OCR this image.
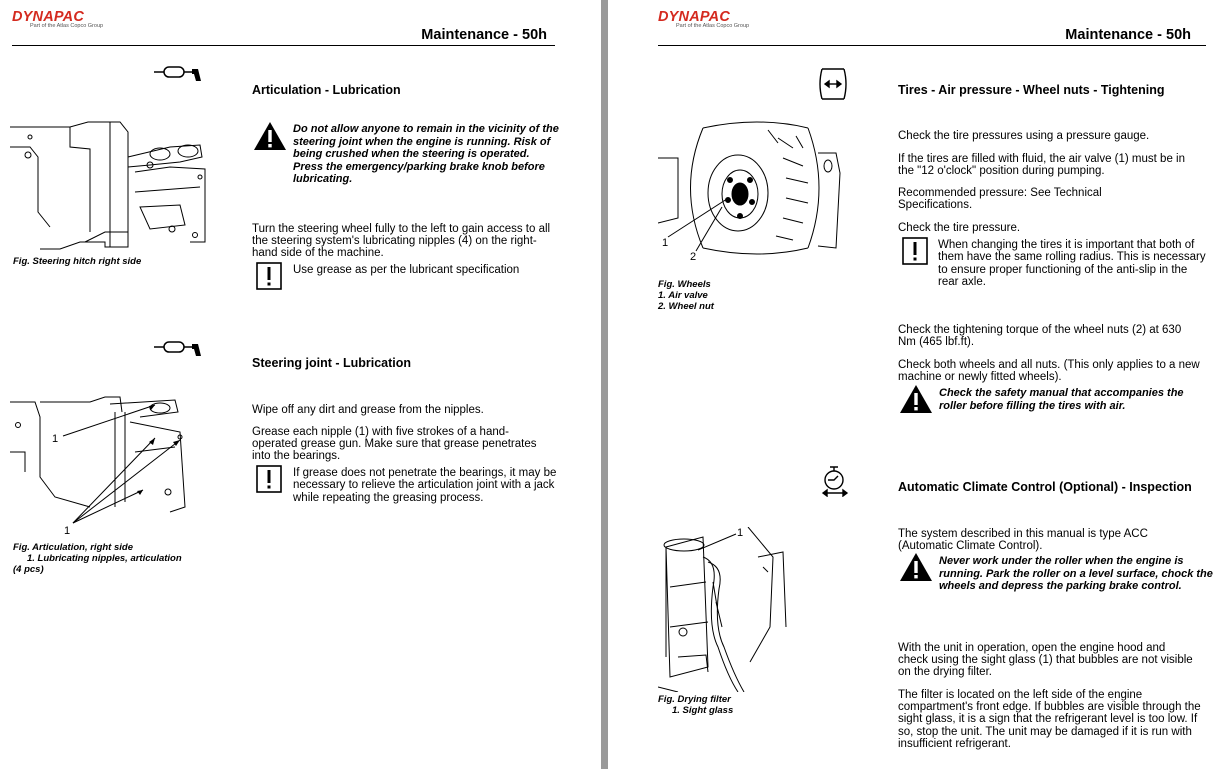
DYNAPAC
Part of the Atlas Copco Group
Maintenance - 50h
Articulation - Lubrication
Do not allow anyone to remain in the vicinity of the steering joint when the engine is running. Risk of being crushed when the steering is operated.
Press the emergency/parking brake knob before lubricating.
Fig. Steering hitch right side
Turn the steering wheel fully to the left to gain access to all the steering system's lubricating nipples (4) on the right-hand side of the machine.
Use grease as per the lubricant specification
Steering joint - Lubrication
1
1
Fig. Articulation, right side
1. Lubricating nipples, articulation
(4 pcs)
Wipe off any dirt and grease from the nipples.
Grease each nipple (1) with five strokes of a hand-operated grease gun. Make sure that grease penetrates into the bearings.
If grease does not penetrate the bearings, it may be necessary to relieve the articulation joint with a jack while repeating the greasing process.
DYNAPAC
Part of the Atlas Copco Group
Maintenance - 50h
Tires - Air pressure - Wheel nuts - Tightening
1
2
Fig. Wheels
1. Air valve
2. Wheel nut
Check the tire pressures using a pressure gauge.
If the tires are filled with fluid, the air valve (1) must be in the "12 o'clock" position during pumping.
Recommended pressure: See Technical Specifications.
Check the tire pressure.
When changing the tires it is important that both of them have the same rolling radius. This is necessary to ensure proper functioning of the anti-slip in the rear axle.
Check the tightening torque of the wheel nuts (2) at 630 Nm (465 lbf.ft).
Check both wheels and all nuts. (This only applies to a new machine or newly fitted wheels).
Check the safety manual that accompanies the roller before filling the tires with air.
Automatic Climate Control (Optional) - Inspection
1
Fig. Drying filter
1. Sight glass
The system described in this manual is type ACC (Automatic Climate Control).
Never work under the roller when the engine is running. Park the roller on a level surface, chock the wheels and depress the parking brake control.
With the unit in operation, open the engine hood and check using the sight glass (1) that bubbles are not visible on the drying filter.
The filter is located on the left side of the engine compartment's front edge. If bubbles are visible through the sight glass, it is a sign that the refrigerant level is too low. If so, stop the unit. The unit may be damaged if it is run with insufficient refrigerant.
